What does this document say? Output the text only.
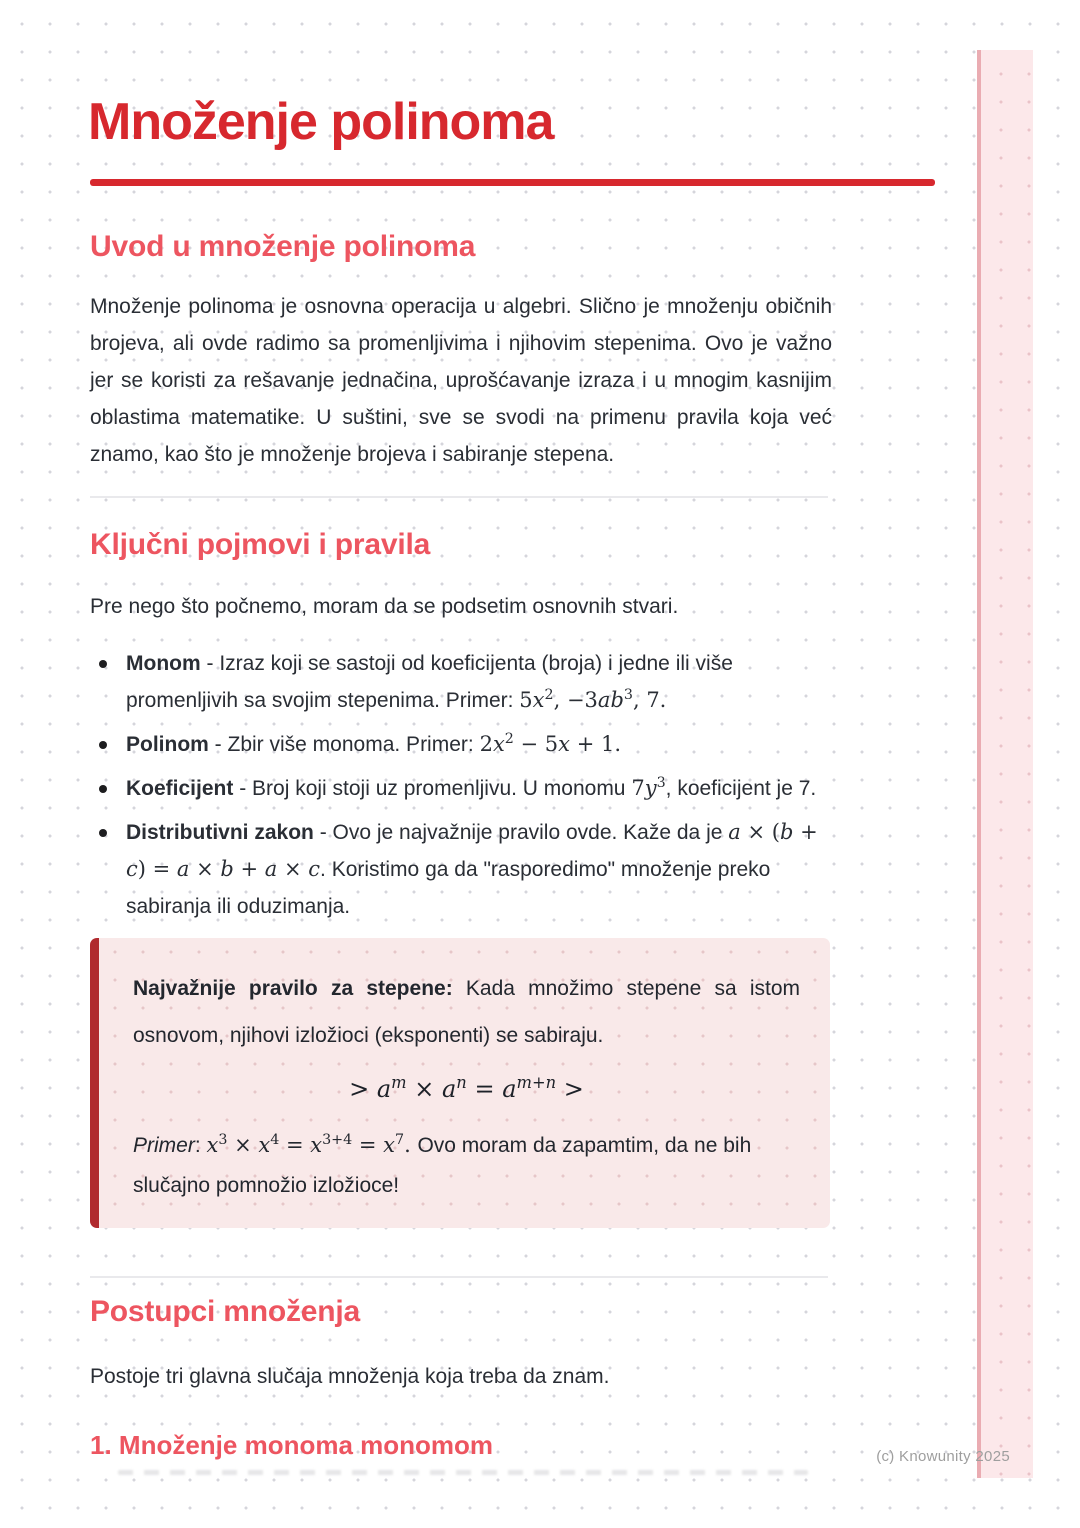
Množenje polinoma
Uvod u množenje polinoma

Množenje polinoma je osnovna operacija u algebri. Slično je množenju običnih brojeva, ali ovde radimo sa promenljivima i njihovim stepenima. Ovo je važno jer se koristi za rešavanje jednačina, uprošćavanje izraza i u mnogim kasnijim oblastima matematike. U suštini, sve se svodi na primenu pravila koja već znamo, kao što je množenje brojeva i sabiranje stepena.

Ključni pojmovi i pravila

Pre nego što počnemo, moram da se podsetim osnovnih stvari.

Monom - Izraz koji se sastoji od koeficijenta (broja) i jedne ili više promenljivih sa svojim stepenima. Primer: $5x^2$, $-3ab^3$, 7.
Polinom - Zbir više monoma. Primer: $2x^2 - 5x + 1$.
Koeficijent - Broj koji stoji uz promenljivu. U monomu $7y^3$, koeficijent je 7.
Distributivni zakon - Ovo je najvažnije pravilo ovde. Kaže da je a × (b + c) = a × b + a × c. Koristimo ga da "rasporedimo" množenje preko sabiranja ili oduzimanja.

Najvažnije pravilo za stepene: Kada množimo stepene sa istom osnovom, njihovi izložioci (eksponenti) se sabiraju.

> $a^m \times a^n = a^{m+n}$ >

Primer: $x^3 \times x^4 = x^{3+4} = x^7$. Ovo moram da zapamtim, da ne bih slučajno pomnožio izložioce!

Postupci množenja

Postoje tri glavna slučaja množenja koja treba da znam.

1. Množenje monoma monomom	(c) Knowunity 2025
